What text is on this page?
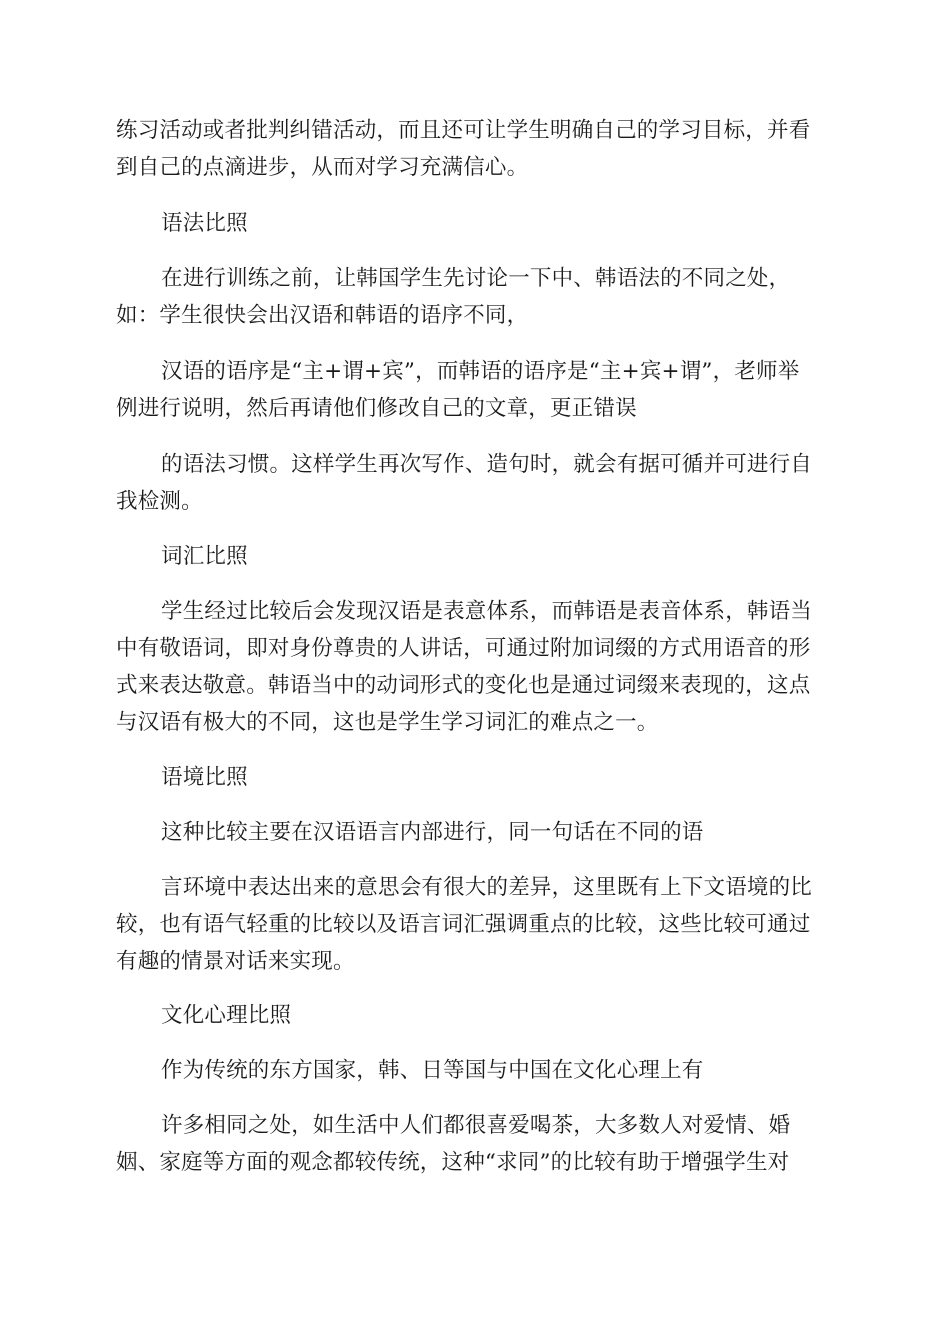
练习活动或者批判纠错活动，而且还可让学生明确自己的学习目标，并看
到自己的点滴进步，从而对学习充满信心。
语法比照
在进行训练之前，让韩国学生先讨论一下中、韩语法的不同之处，
如：学生很快会出汉语和韩语的语序不同，
汉语的语序是“主+谓+宾”，而韩语的语序是“主+宾+谓”，老师举
例进行说明，然后再请他们修改自己的文章，更正错误
的语法习惯。这样学生再次写作、造句时，就会有据可循并可进行自
我检测。
词汇比照
学生经过比较后会发现汉语是表意体系，而韩语是表音体系，韩语当
中有敬语词，即对身份尊贵的人讲话，可通过附加词缀的方式用语音的形
式来表达敬意。韩语当中的动词形式的变化也是通过词缀来表现的，这点
与汉语有极大的不同，这也是学生学习词汇的难点之一。
语境比照
这种比较主要在汉语语言内部进行，同一句话在不同的语
言环境中表达出来的意思会有很大的差异，这里既有上下文语境的比
较，也有语气轻重的比较以及语言词汇强调重点的比较，这些比较可通过
有趣的情景对话来实现。
文化心理比照
作为传统的东方国家，韩、日等国与中国在文化心理上有
许多相同之处，如生活中人们都很喜爱喝茶，大多数人对爱情、婚
姻、家庭等方面的观念都较传统，这种“求同”的比较有助于增强学生对
